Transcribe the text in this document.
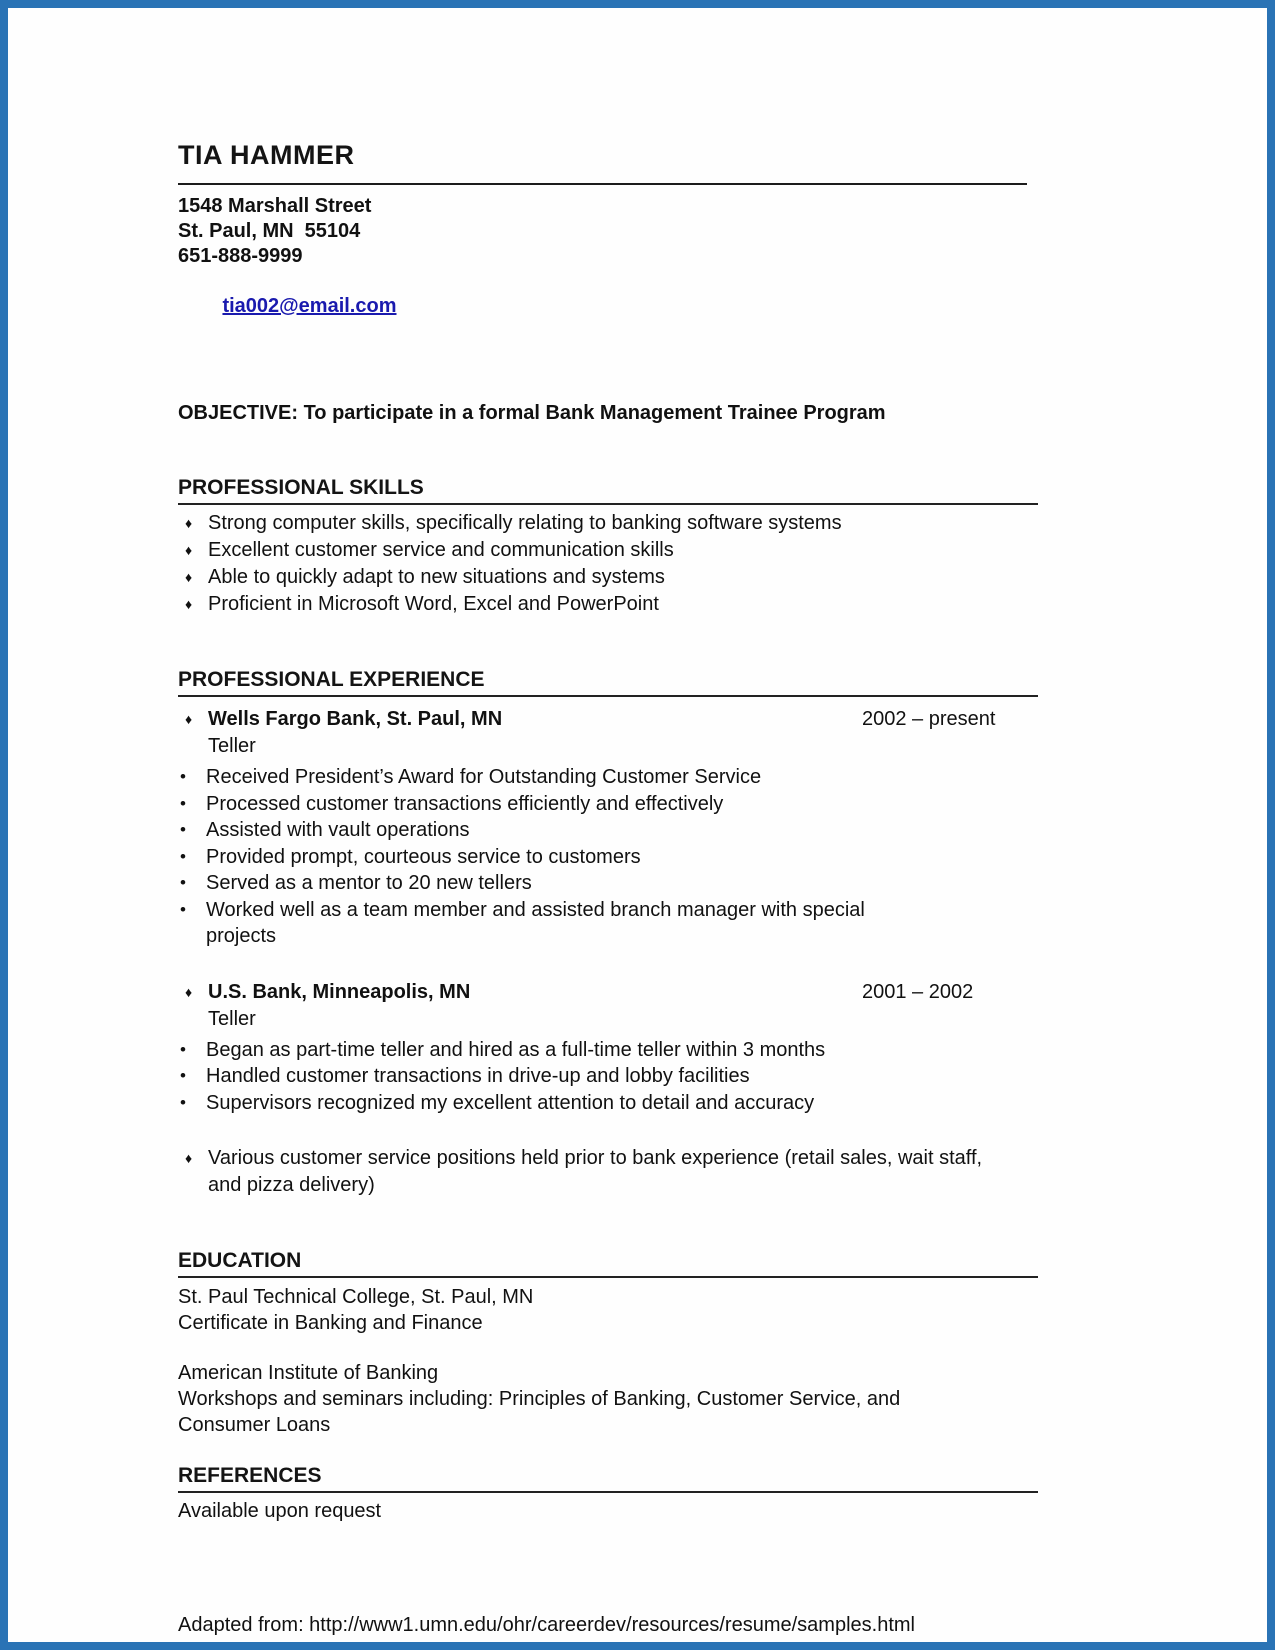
TIA HAMMER
1548 Marshall Street
St. Paul, MN  55104
651-888-9999

tia002@email.com

OBJECTIVE: To participate in a formal Bank Management Trainee Program

PROFESSIONAL SKILLS
♦ Strong computer skills, specifically relating to banking software systems
♦ Excellent customer service and communication skills
♦ Able to quickly adapt to new situations and systems
♦ Proficient in Microsoft Word, Excel and PowerPoint
PROFESSIONAL EXPERIENCE
♦ Wells Fargo Bank, St. Paul, MN	2002 – present

Teller

•	Received President’s Award for Outstanding Customer Service
•	Processed customer transactions efficiently and effectively
•	Assisted with vault operations
•	Provided prompt, courteous service to customers
•	Served as a mentor to 20 new tellers
•	Worked well as a team member and assisted branch manager with special projects
♦ U.S. Bank, Minneapolis, MN	2001 – 2002

Teller

•	Began as part-time teller and hired as a full-time teller within 3 months
•	Handled customer transactions in drive-up and lobby facilities
•	Supervisors recognized my excellent attention to detail and accuracy
♦ Various customer service positions held prior to bank experience (retail sales, wait staff, and pizza delivery)
EDUCATION

St. Paul Technical College, St. Paul, MN

Certificate in Banking and Finance

American Institute of Banking

Workshops and seminars including: Principles of Banking, Customer Service, and Consumer Loans

REFERENCES

Available upon request

Adapted from: http://www1.umn.edu/ohr/careerdev/resources/resume/samples.html
